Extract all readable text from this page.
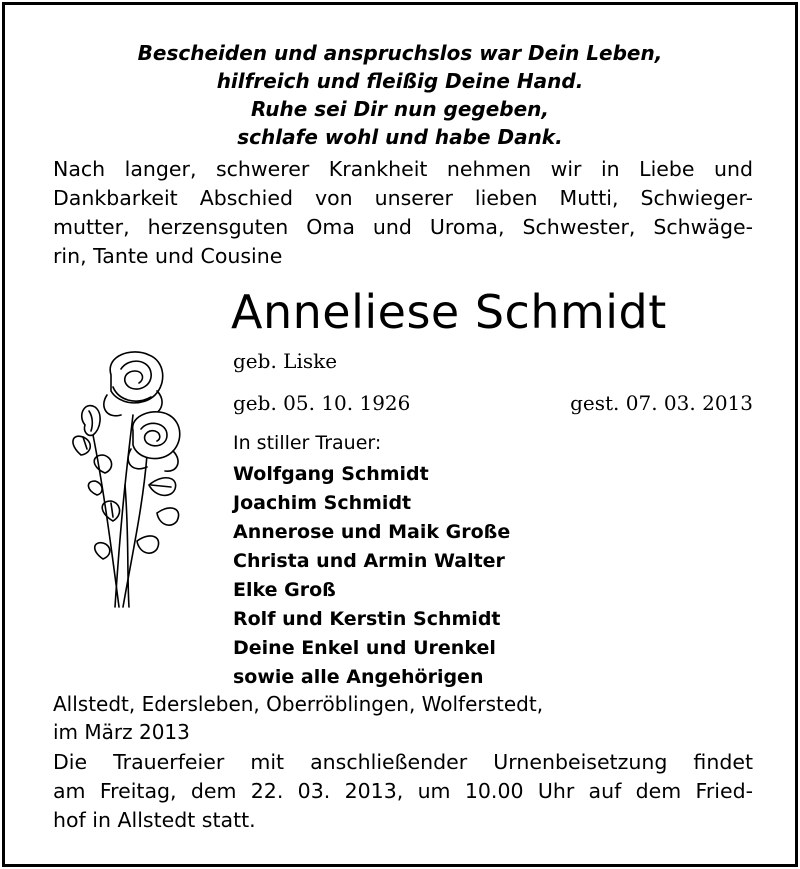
Bescheiden und anspruchslos war Dein Leben,
hilfreich und fleißig Deine Hand.
Ruhe sei Dir nun gegeben,
schlafe wohl und habe Dank.
Nach langer, schwerer Krankheit nehmen wir in Liebe und
Dankbarkeit Abschied von unserer lieben Mutti, Schwieger-
mutter, herzensguten Oma und Uroma, Schwester, Schwäge-
rin, Tante und Cousine
Anneliese Schmidt
geb. Liske
geb. 05. 10. 1926	gest. 07. 03. 2013
In stiller Trauer:
Wolfgang Schmidt
Joachim Schmidt
Annerose und Maik Große
Christa und Armin Walter
Elke Groß
Rolf und Kerstin Schmidt
Deine Enkel und Urenkel
sowie alle Angehörigen
Allstedt, Edersleben, Oberröblingen, Wolferstedt,
im März 2013
Die Trauerfeier mit anschließender Urnenbeisetzung findet
am Freitag, dem 22. 03. 2013, um 10.00 Uhr auf dem Fried-
hof in Allstedt statt.
